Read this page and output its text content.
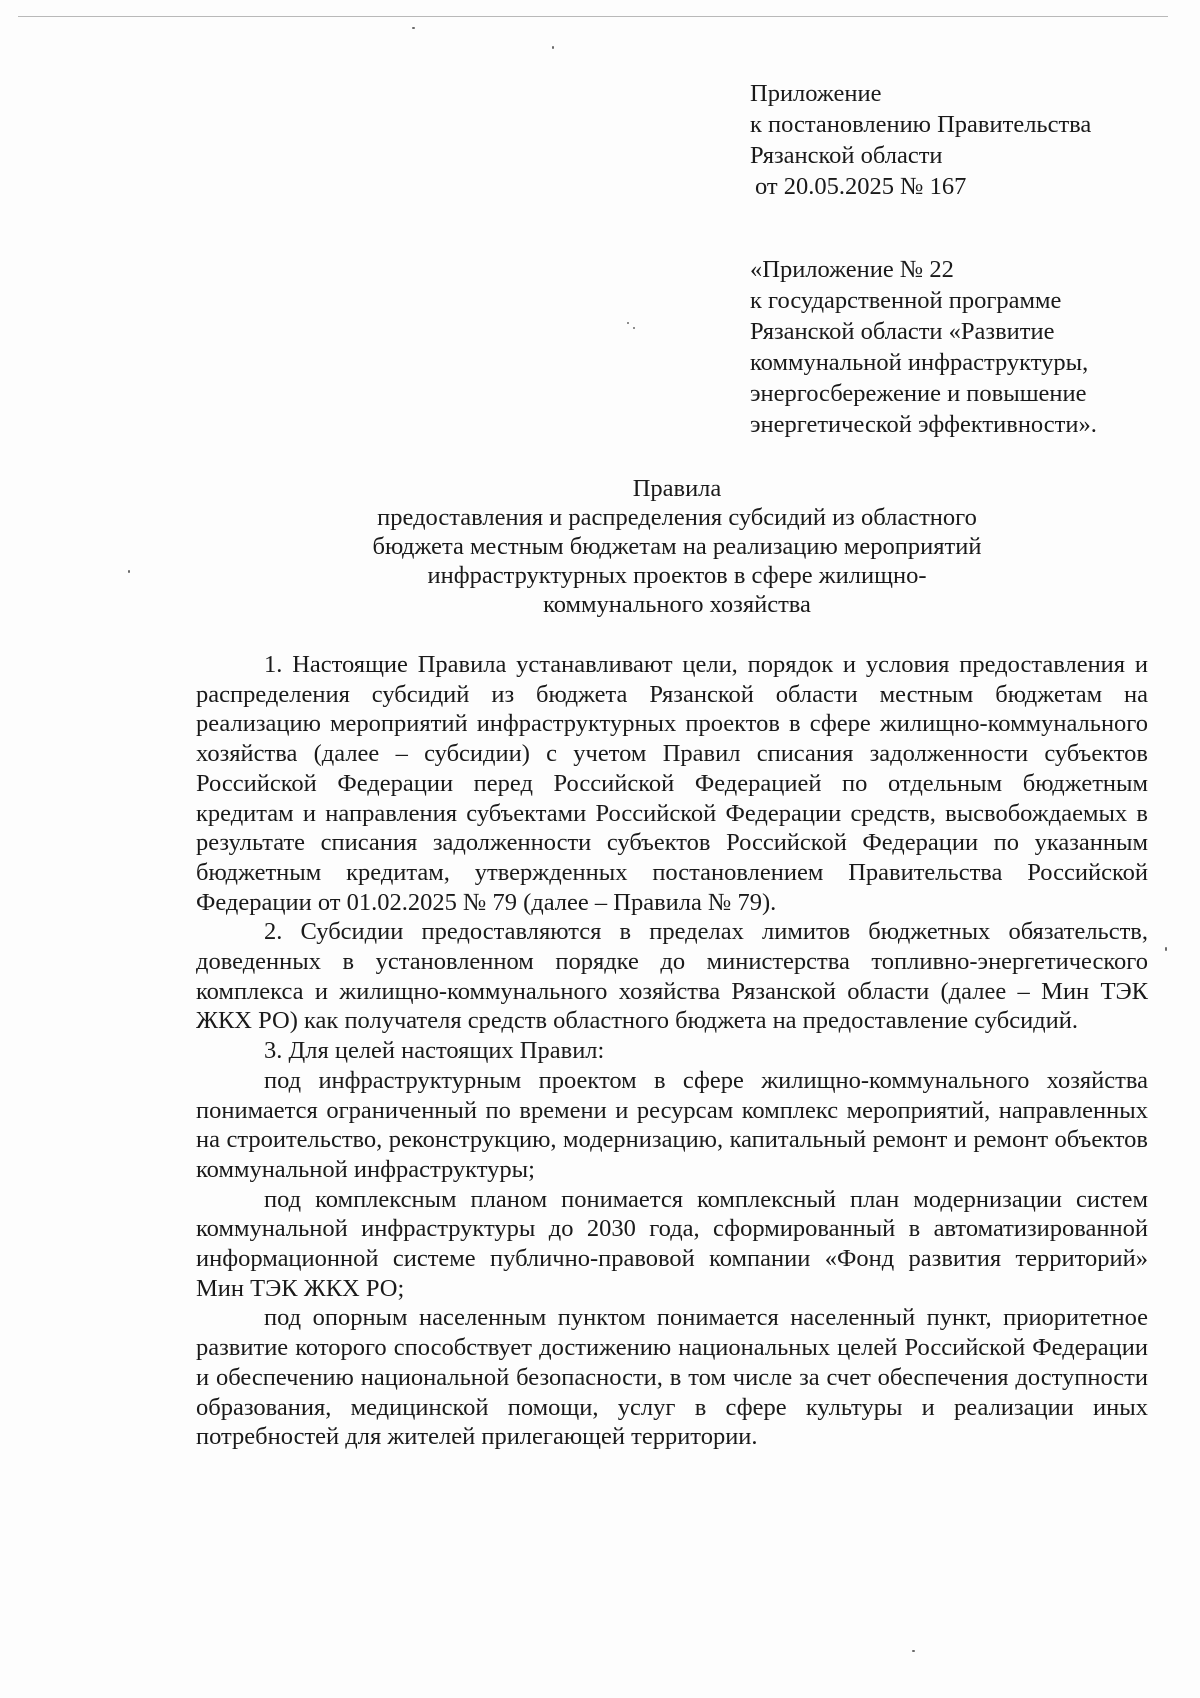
Приложение
к постановлению Правительства
Рязанской области
от 20.05.2025 № 167
«Приложение № 22
к государственной программе
Рязанской области «Развитие
коммунальной инфраструктуры,
энергосбережение и повышение
энергетической эффективности».
Правила
предоставления и распределения субсидий из областного
бюджета местным бюджетам на реализацию мероприятий
инфраструктурных проектов в сфере жилищно-
коммунального хозяйства

1. Настоящие Правила устанавливают цели, порядок и условия предоставления и распределения субсидий из бюджета Рязанской области местным бюджетам на реализацию мероприятий инфраструктурных проектов в сфере жилищно-коммунального хозяйства (далее – субсидии) с учетом Правил списания задолженности субъектов Российской Федерации перед Российской Федерацией по отдельным бюджетным кредитам и направления субъектами Российской Федерации средств, высвобождаемых в результате списания задолженности субъектов Российской Федерации по указанным бюджетным кредитам, утвержденных постановлением Правительства Российской Федерации от 01.02.2025 № 79 (далее – Правила № 79).

2. Субсидии предоставляются в пределах лимитов бюджетных обязательств, доведенных в установленном порядке до министерства топливно-энергетического комплекса и жилищно-коммунального хозяйства Рязанской области (далее – Мин ТЭК ЖКХ РО) как получателя средств областного бюджета на предоставление субсидий.

3. Для целей настоящих Правил:

под инфраструктурным проектом в сфере жилищно-коммунального хозяйства понимается ограниченный по времени и ресурсам комплекс мероприятий, направленных на строительство, реконструкцию, модернизацию, капитальный ремонт и ремонт объектов коммунальной инфраструктуры;

под комплексным планом понимается комплексный план модернизации систем коммунальной инфраструктуры до 2030 года, сформированный в автоматизированной информационной системе публично-правовой компании «Фонд развития территорий» Мин ТЭК ЖКХ РО;

под опорным населенным пунктом понимается населенный пункт, приоритетное развитие которого способствует достижению национальных целей Российской Федерации и обеспечению национальной безопасности, в том числе за счет обеспечения доступности образования, медицинской помощи, услуг в сфере культуры и реализации иных потребностей для жителей прилегающей территории.
